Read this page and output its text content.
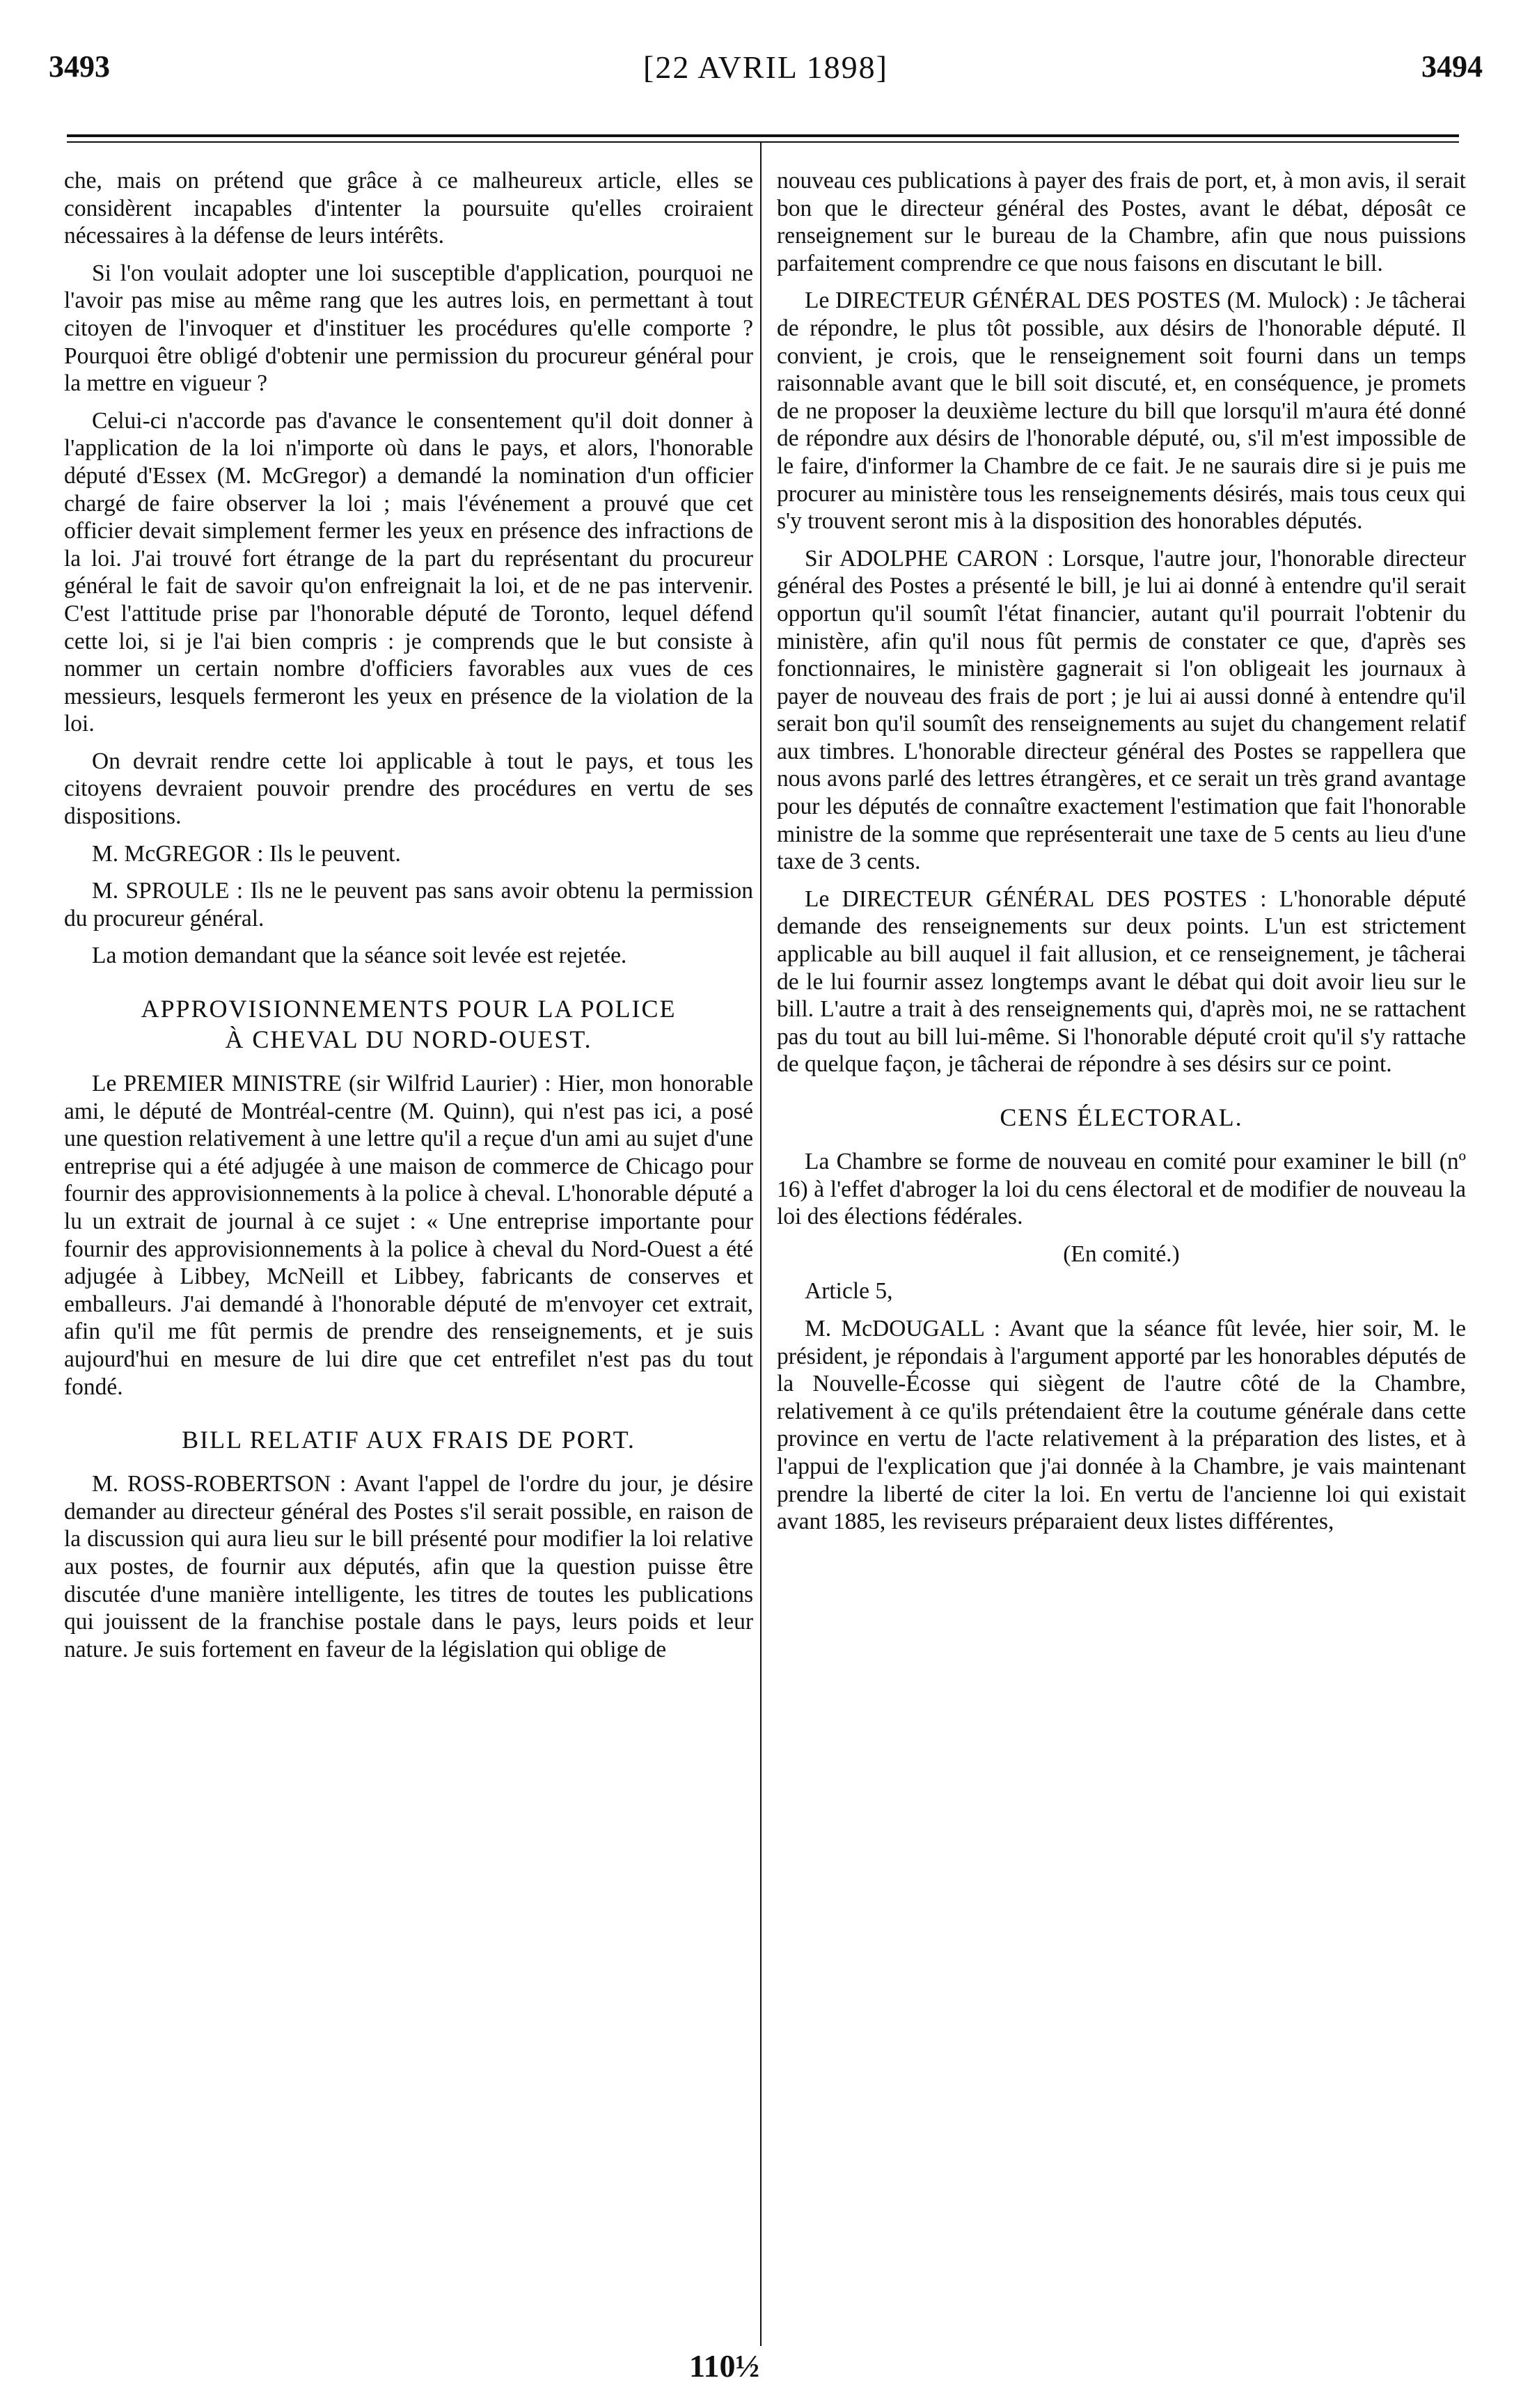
3493	[22 AVRIL 1898]	3494

che, mais on prétend que grâce à ce malheureux article, elles se considèrent incapables d'intenter la poursuite qu'elles croiraient nécessaires à la défense de leurs intérêts.

Si l'on voulait adopter une loi susceptible d'application, pourquoi ne l'avoir pas mise au même rang que les autres lois, en permettant à tout citoyen de l'invoquer et d'instituer les procédures qu'elle comporte ? Pourquoi être obligé d'obtenir une permission du procureur général pour la mettre en vigueur ?

Celui-ci n'accorde pas d'avance le consentement qu'il doit donner à l'application de la loi n'importe où dans le pays, et alors, l'honorable député d'Essex (M. McGregor) a demandé la nomination d'un officier chargé de faire observer la loi ; mais l'événement a prouvé que cet officier devait simplement fermer les yeux en présence des infractions de la loi. J'ai trouvé fort étrange de la part du représentant du procureur général le fait de savoir qu'on enfreignait la loi, et de ne pas intervenir. C'est l'attitude prise par l'honorable député de Toronto, lequel défend cette loi, si je l'ai bien compris : je comprends que le but consiste à nommer un certain nombre d'officiers favorables aux vues de ces messieurs, lesquels fermeront les yeux en présence de la violation de la loi.

On devrait rendre cette loi applicable à tout le pays, et tous les citoyens devraient pouvoir prendre des procédures en vertu de ses dispositions.

M. McGREGOR : Ils le peuvent.

M. SPROULE : Ils ne le peuvent pas sans avoir obtenu la permission du procureur général.

La motion demandant que la séance soit levée est rejetée.

APPROVISIONNEMENTS POUR LA POLICE
À CHEVAL DU NORD-OUEST.

Le PREMIER MINISTRE (sir Wilfrid Laurier) : Hier, mon honorable ami, le député de Montréal-centre (M. Quinn), qui n'est pas ici, a posé une question relativement à une lettre qu'il a reçue d'un ami au sujet d'une entreprise qui a été adjugée à une maison de commerce de Chicago pour fournir des approvisionnements à la police à cheval. L'honorable député a lu un extrait de journal à ce sujet : « Une entreprise importante pour fournir des approvisionnements à la police à cheval du Nord-Ouest a été adjugée à Libbey, McNeill et Libbey, fabricants de conserves et emballeurs. J'ai demandé à l'honorable député de m'envoyer cet extrait, afin qu'il me fût permis de prendre des renseignements, et je suis aujourd'hui en mesure de lui dire que cet entrefilet n'est pas du tout fondé.

BILL RELATIF AUX FRAIS DE PORT.

M. ROSS-ROBERTSON : Avant l'appel de l'ordre du jour, je désire demander au directeur général des Postes s'il serait possible, en raison de la discussion qui aura lieu sur le bill présenté pour modifier la loi relative aux postes, de fournir aux députés, afin que la question puisse être discutée d'une manière intelligente, les titres de toutes les publications qui jouissent de la franchise postale dans le pays, leurs poids et leur nature. Je suis fortement en faveur de la législation qui oblige de

nouveau ces publications à payer des frais de port, et, à mon avis, il serait bon que le directeur général des Postes, avant le débat, déposât ce renseignement sur le bureau de la Chambre, afin que nous puissions parfaitement comprendre ce que nous faisons en discutant le bill.

Le DIRECTEUR GÉNÉRAL DES POSTES (M. Mulock) : Je tâcherai de répondre, le plus tôt possible, aux désirs de l'honorable député. Il convient, je crois, que le renseignement soit fourni dans un temps raisonnable avant que le bill soit discuté, et, en conséquence, je promets de ne proposer la deuxième lecture du bill que lorsqu'il m'aura été donné de répondre aux désirs de l'honorable député, ou, s'il m'est impossible de le faire, d'informer la Chambre de ce fait. Je ne saurais dire si je puis me procurer au ministère tous les renseignements désirés, mais tous ceux qui s'y trouvent seront mis à la disposition des honorables députés.

Sir ADOLPHE CARON : Lorsque, l'autre jour, l'honorable directeur général des Postes a présenté le bill, je lui ai donné à entendre qu'il serait opportun qu'il soumît l'état financier, autant qu'il pourrait l'obtenir du ministère, afin qu'il nous fût permis de constater ce que, d'après ses fonctionnaires, le ministère gagnerait si l'on obligeait les journaux à payer de nouveau des frais de port ; je lui ai aussi donné à entendre qu'il serait bon qu'il soumît des renseignements au sujet du changement relatif aux timbres. L'honorable directeur général des Postes se rappellera que nous avons parlé des lettres étrangères, et ce serait un très grand avantage pour les députés de connaître exactement l'estimation que fait l'honorable ministre de la somme que représenterait une taxe de 5 cents au lieu d'une taxe de 3 cents.

Le DIRECTEUR GÉNÉRAL DES POSTES : L'honorable député demande des renseignements sur deux points. L'un est strictement applicable au bill auquel il fait allusion, et ce renseignement, je tâcherai de le lui fournir assez longtemps avant le débat qui doit avoir lieu sur le bill. L'autre a trait à des renseignements qui, d'après moi, ne se rattachent pas du tout au bill lui-même. Si l'honorable député croit qu'il s'y rattache de quelque façon, je tâcherai de répondre à ses désirs sur ce point.

CENS ÉLECTORAL.

La Chambre se forme de nouveau en comité pour examiner le bill (nº 16) à l'effet d'abroger la loi du cens électoral et de modifier de nouveau la loi des élections fédérales.

(En comité.)

Article 5,

M. McDOUGALL : Avant que la séance fût levée, hier soir, M. le président, je répondais à l'argument apporté par les honorables députés de la Nouvelle-Écosse qui siègent de l'autre côté de la Chambre, relativement à ce qu'ils prétendaient être la coutume générale dans cette province en vertu de l'acte relativement à la préparation des listes, et à l'appui de l'explication que j'ai donnée à la Chambre, je vais maintenant prendre la liberté de citer la loi. En vertu de l'ancienne loi qui existait avant 1885, les reviseurs préparaient deux listes différentes,

110½
